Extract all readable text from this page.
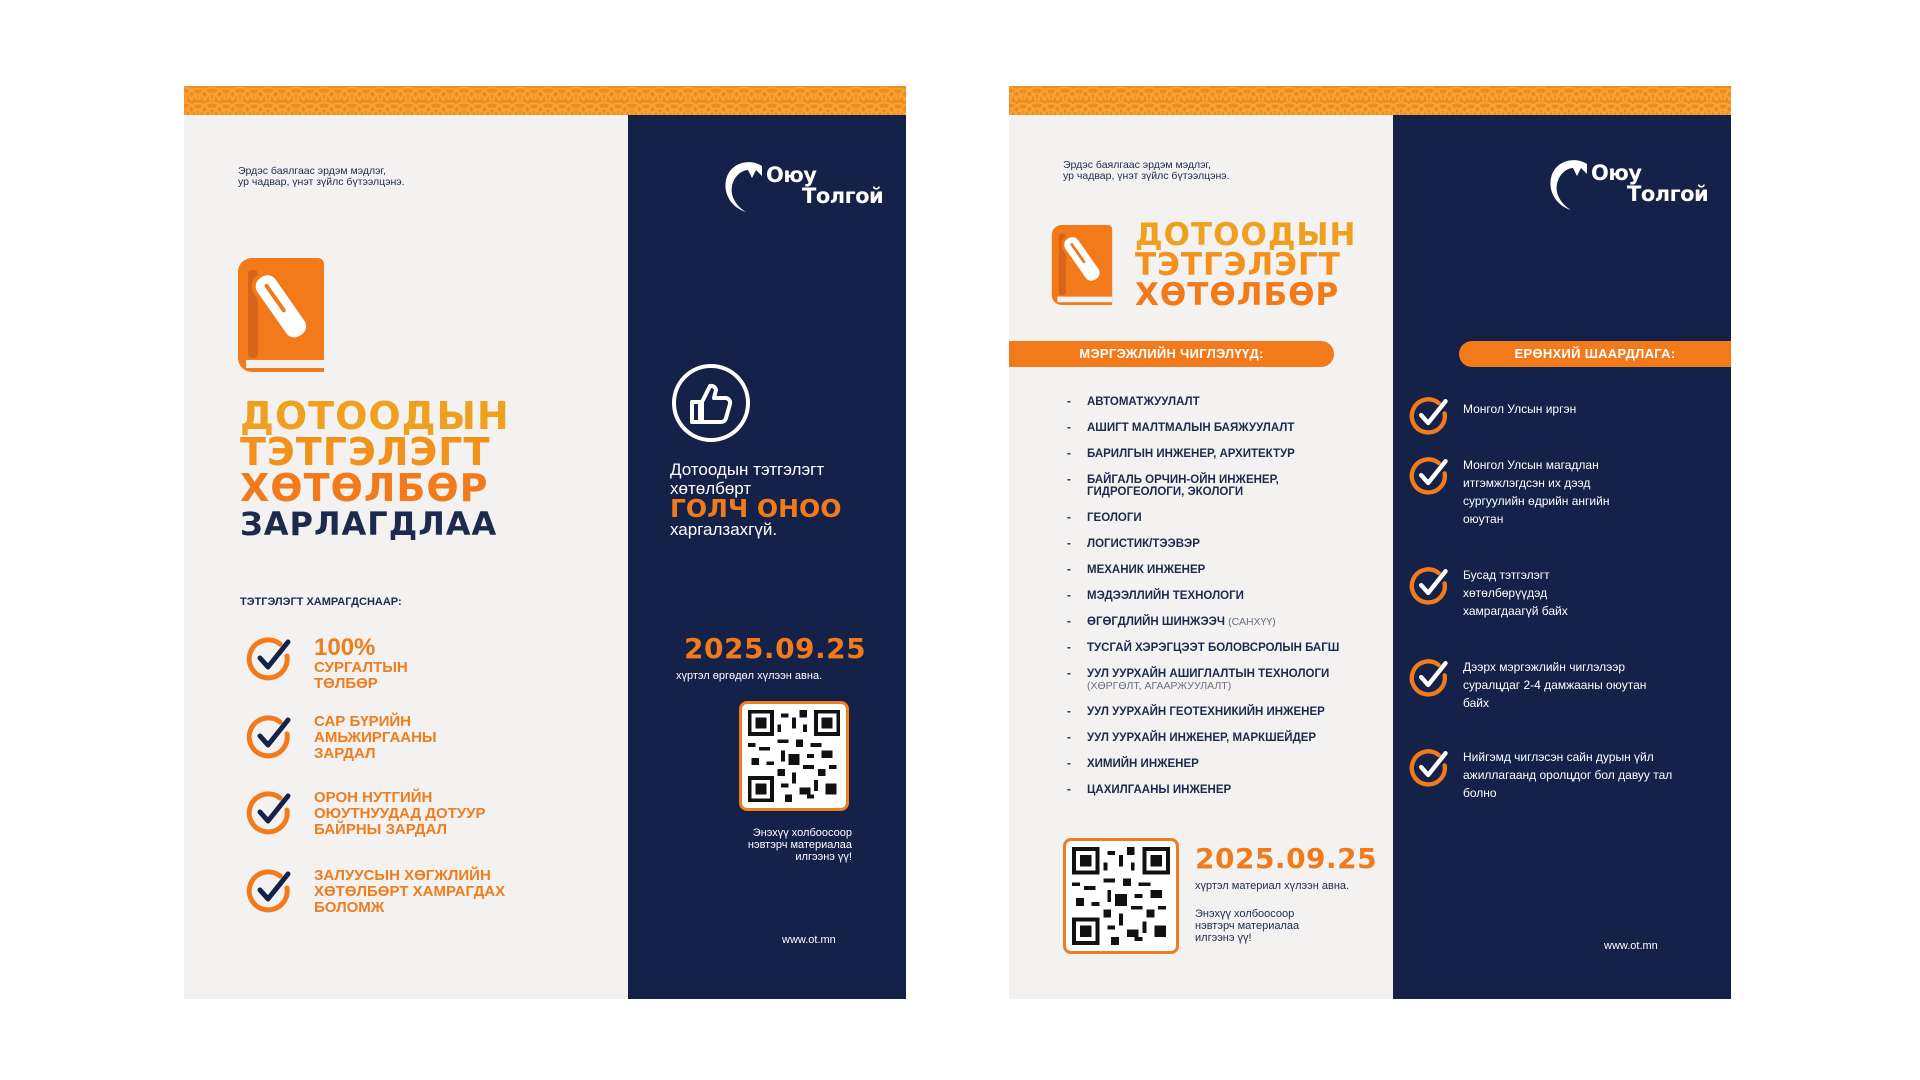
Эрдэс баялгаас эрдэм мэдлэг,
ур чадвар, үнэт зүйлс бүтээлцэнэ.	Оюу
Толгой
ДОТООДЫН
ТЭТГЭЛЭГТ
ХӨТӨЛБӨР
ЗАРЛАГДЛАА
ТЭТГЭЛЭГТ ХАМРАГДСНААР:
100%
СУРГАЛТЫН ТӨЛБӨР
САР БҮРИЙН АМЬЖИРГААНЫ ЗАРДАЛ
ОРОН НУТГИЙН ОЮУТНУУДАД ДОТУУР БАЙРНЫ ЗАРДАЛ
ЗАЛУУСЫН ХӨГЖЛИЙН ХӨТӨЛБӨРТ ХАМРАГДАХ БОЛОМЖ
Дотоодын тэтгэлэгт
хөтөлбөрт
ГОЛЧ ОНОО
харгалзахгүй.
2025.09.25
хүртэл өргөдөл хүлээн авна.
Энэхүү холбоосоор
нэвтэрч материалаа
илгээнэ үү!
www.ot.mn
Эрдэс баялгаас эрдэм мэдлэг,
ур чадвар, үнэт зүйлс бүтээлцэнэ.	Оюу
Толгой
ДОТООДЫН
ТЭТГЭЛЭГТ
ХӨТӨЛБӨР
МЭРГЭЖЛИЙН ЧИГЛЭЛҮҮД:	ЕРӨНХИЙ ШААРДЛАГА:
- АВТОМАТЖУУЛАЛТ
- АШИГТ МАЛТМАЛЫН БАЯЖУУЛАЛТ
- БАРИЛГЫН ИНЖЕНЕР, АРХИТЕКТУР
- БАЙГАЛЬ ОРЧИН-ОЙН ИНЖЕНЕР, ГИДРОГЕОЛОГИ, ЭКОЛОГИ
- ГЕОЛОГИ
- ЛОГИСТИК/ТЭЭВЭР
- МЕХАНИК ИНЖЕНЕР
- МЭДЭЭЛЛИЙН ТЕХНОЛОГИ
- ӨГӨГДЛИЙН ШИНЖЭЭЧ (САНХҮҮ)
- ТУСГАЙ ХЭРЭГЦЭЭТ БОЛОВСРОЛЫН БАГШ
- УУЛ УУРХАЙН АШИГЛАЛТЫН ТЕХНОЛОГИ
(ХӨРГӨЛТ, АГААРЖУУЛАЛТ)
- УУЛ УУРХАЙН ГЕОТЕХНИКИЙН ИНЖЕНЕР
- УУЛ УУРХАЙН ИНЖЕНЕР, МАРКШЕЙДЕР
- ХИМИЙН ИНЖЕНЕР
- ЦАХИЛГААНЫ ИНЖЕНЕР
Монгол Улсын иргэн
Монгол Улсын магадлан итгэмжлэгдсэн их дээд сургуулийн өдрийн ангийн оюутан
Бусад тэтгэлэгт хөтөлбөрүүдэд хамрагдаагүй байх
Дээрх мэргэжлийн чиглэлээр суралцдаг 2-4 дамжааны оюутан байх
Нийгэмд чиглэсэн сайн дурын үйл ажиллагаанд оролцдог бол давуу тал болно
2025.09.25
хүртэл материал хүлээн авна.
Энэхүү холбоосоор
нэвтэрч материалаа
илгээнэ үү!
www.ot.mn
